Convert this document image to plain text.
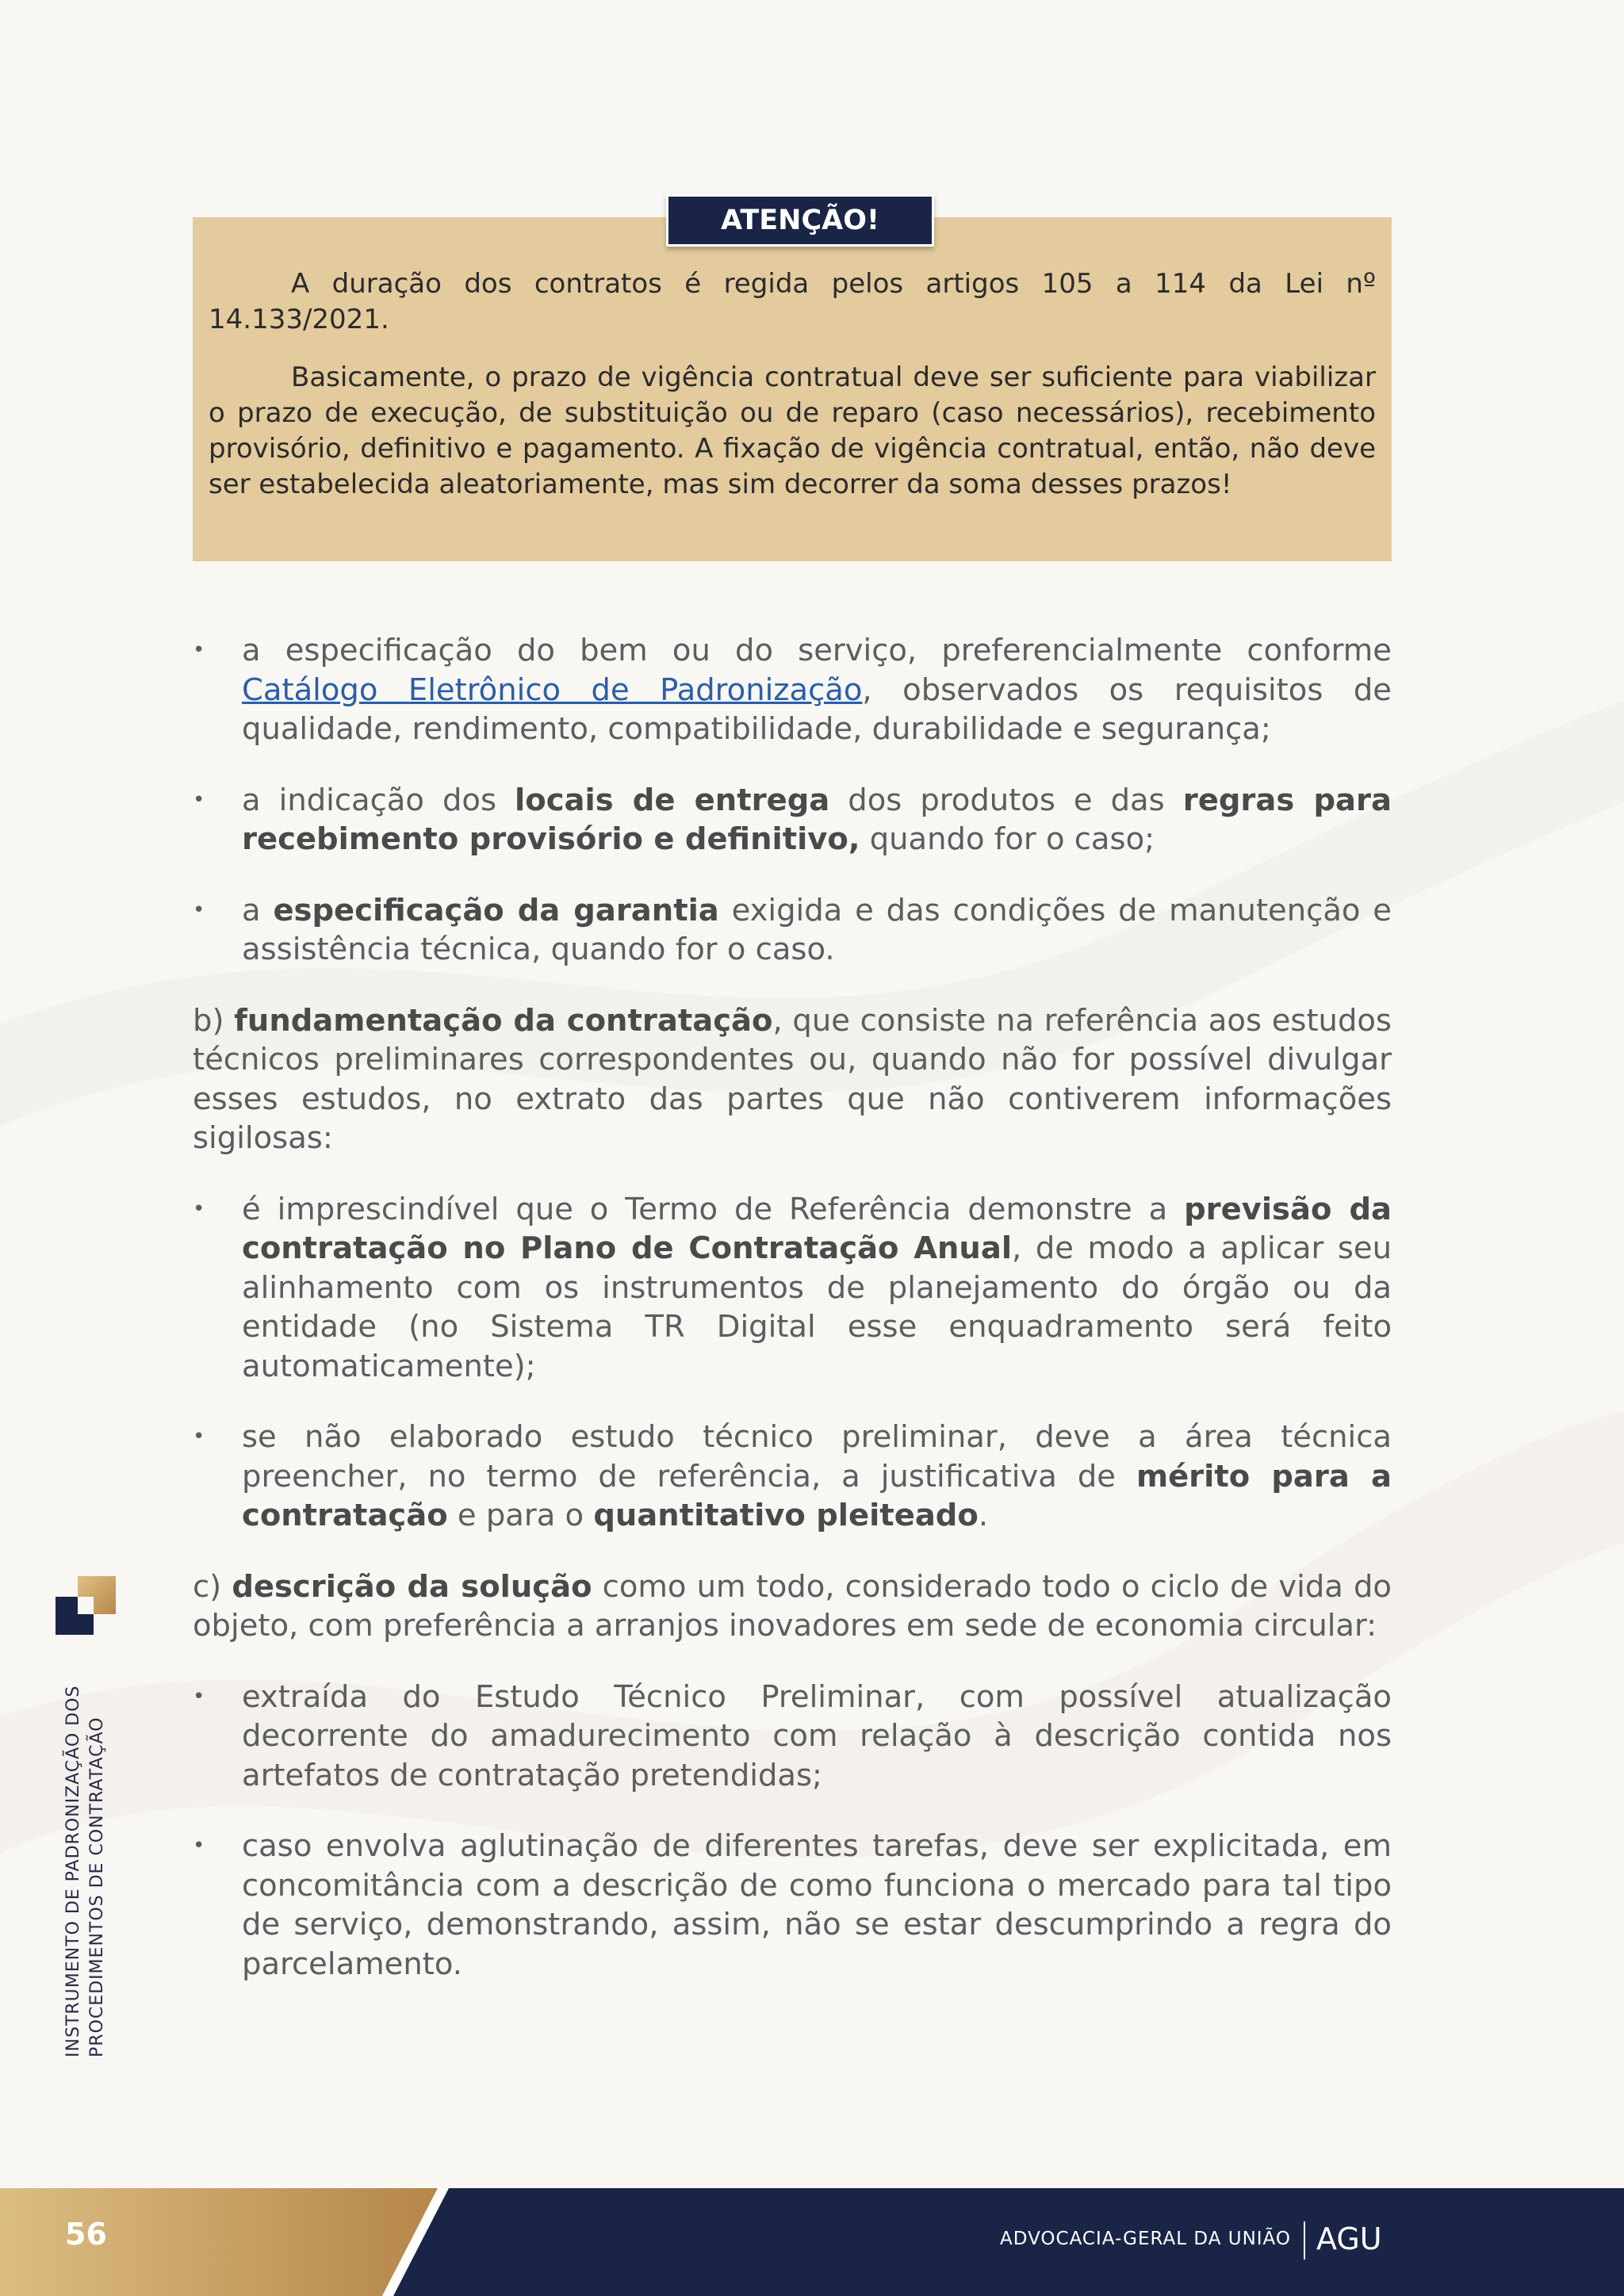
A duração dos contratos é regida pelos artigos 105 a 114 da Lei nº 14.133/2021.

Basicamente, o prazo de vigência contratual deve ser suficiente para viabilizar o prazo de execução, de substituição ou de reparo (caso necessários), recebimento provisório, definitivo e pagamento. A fixação de vigência contratual, então, não deve ser estabelecida aleatoriamente, mas sim decorrer da soma desses prazos!

ATENÇÃO!
• a especificação do bem ou do serviço, preferencialmente conforme Catálogo Eletrônico de Padronização, observados os requisitos de qualidade, rendimento, compatibilidade, durabilidade e segurança;
• a indicação dos locais de entrega dos produtos e das regras para recebimento provisório e definitivo, quando for o caso;
• a especificação da garantia exigida e das condições de manutenção e assistência técnica, quando for o caso.

b) fundamentação da contratação, que consiste na referência aos estudos técnicos preliminares correspondentes ou, quando não for possível divulgar esses estudos, no extrato das partes que não contiverem informações sigilosas:

• é imprescindível que o Termo de Referência demonstre a previsão da contratação no Plano de Contratação Anual, de modo a aplicar seu alinhamento com os instrumentos de planejamento do órgão ou da entidade (no Sistema TR Digital esse enquadramento será feito automaticamente);
• se não elaborado estudo técnico preliminar, deve a área técnica preencher, no termo de referência, a justificativa de mérito para a contratação e para o quantitativo pleiteado.

c) descrição da solução como um todo, considerado todo o ciclo de vida do objeto, com preferência a arranjos inovadores em sede de economia circular:

• extraída do Estudo Técnico Preliminar, com possível atualização decorrente do amadurecimento com relação à descrição contida nos artefatos de contratação pretendidas;
• caso envolva aglutinação de diferentes tarefas, deve ser explicitada, em concomitância com a descrição de como funciona o mercado para tal tipo de serviço, demonstrando, assim, não se estar descumprindo a regra do parcelamento.
INSTRUMENTO DE PADRONIZAÇÃO DOS PROCEDIMENTOS DE CONTRATAÇÃO
56	ADVOCACIA-GERAL DA UNIÃO AGU
